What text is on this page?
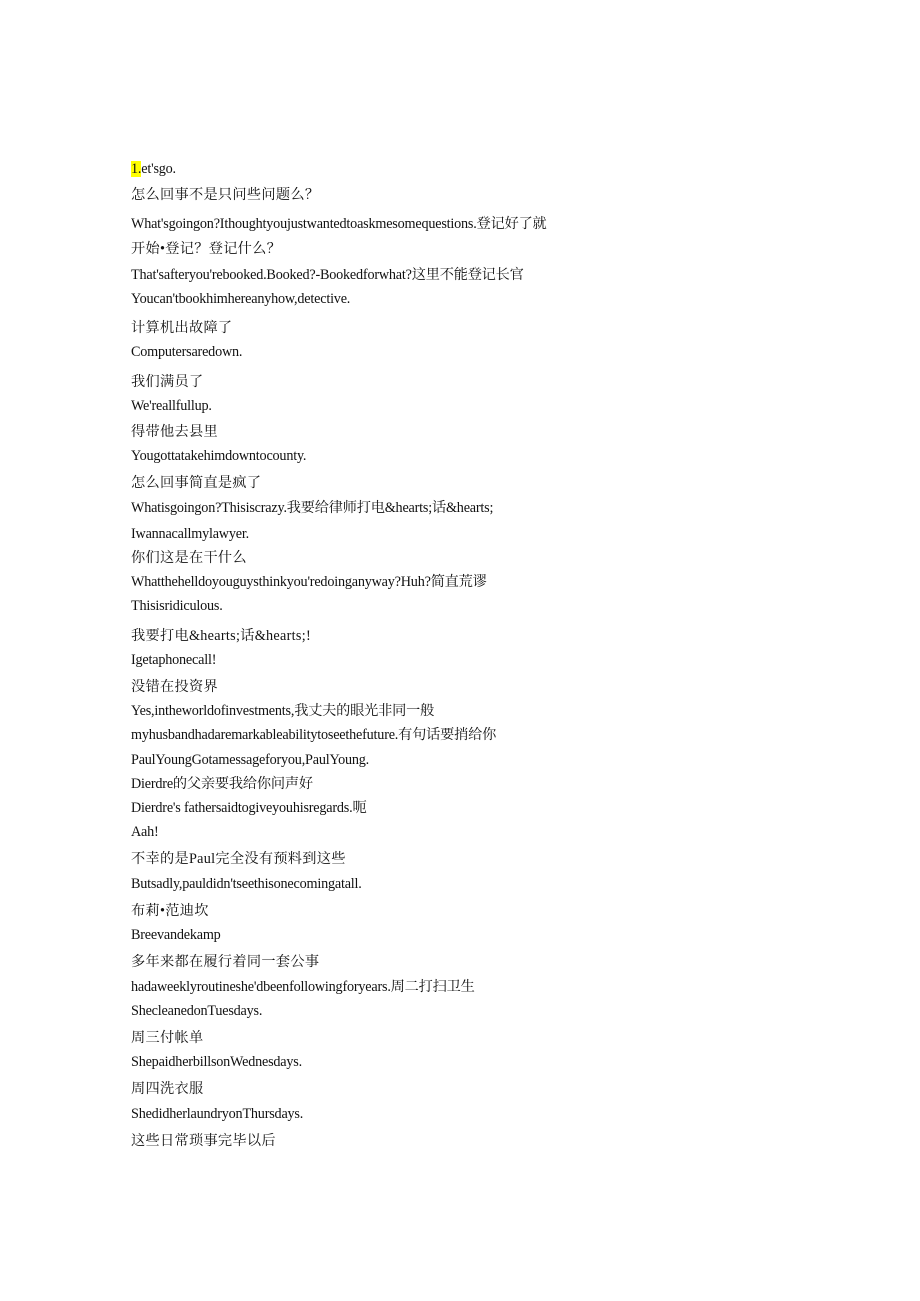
1.et'sgo.
怎么回事不是只问些问题么？
What'sgoingon?Ithoughtyoujustwantedtoaskmesomequestions.登记好了就
开始•登记？登记什么？
That'safteryou'rebooked.Booked?-Bookedforwhat?这里不能登记长官
Youcan'tbookhimhereanyhow,detective.
计算机出故障了
Computersaredown.
我们满员了
We'reallfullup.
得带他去县里
Yougottatakehimdowntocounty.
怎么回事简直是疯了
Whatisgoingon?Thisiscrazy.我要给律师打电&hearts;话&hearts;
Iwannacallmylawyer.
你们这是在干什么
Whatthehelldoyouguysthinkyou'redoinganyway?Huh?简直荒谬
Thisisridiculous.
我要打电&hearts;话&hearts;!
Igetaphonecall!
没错在投资界
Yes,intheworldofinvestments,我丈夫的眼光非同一般
myhusbandhadaremarkableabilitytoseethefuture.有句话要捎给你
PaulYoungGotamessageforyou,PaulYoung.
Dierdre的父亲要我给你问声好
Dierdre's fathersaidtogiveyouhisregards.呃
Aah!
不幸的是Paul完全没有预料到这些
Butsadly,pauldidn'tseethisonecomingatall.
布莉•范迪坎
Breevandekamp
多年来都在履行着同一套公事
hadaweeklyroutineshe'dbeenfollowingforyears.周二打扫卫生
ShecleanedonTuesdays.
周三付帐单
ShepaidherbillsonWednesdays.
周四洗衣服
ShedidherlaundryonThursdays.
这些日常琐事完毕以后
